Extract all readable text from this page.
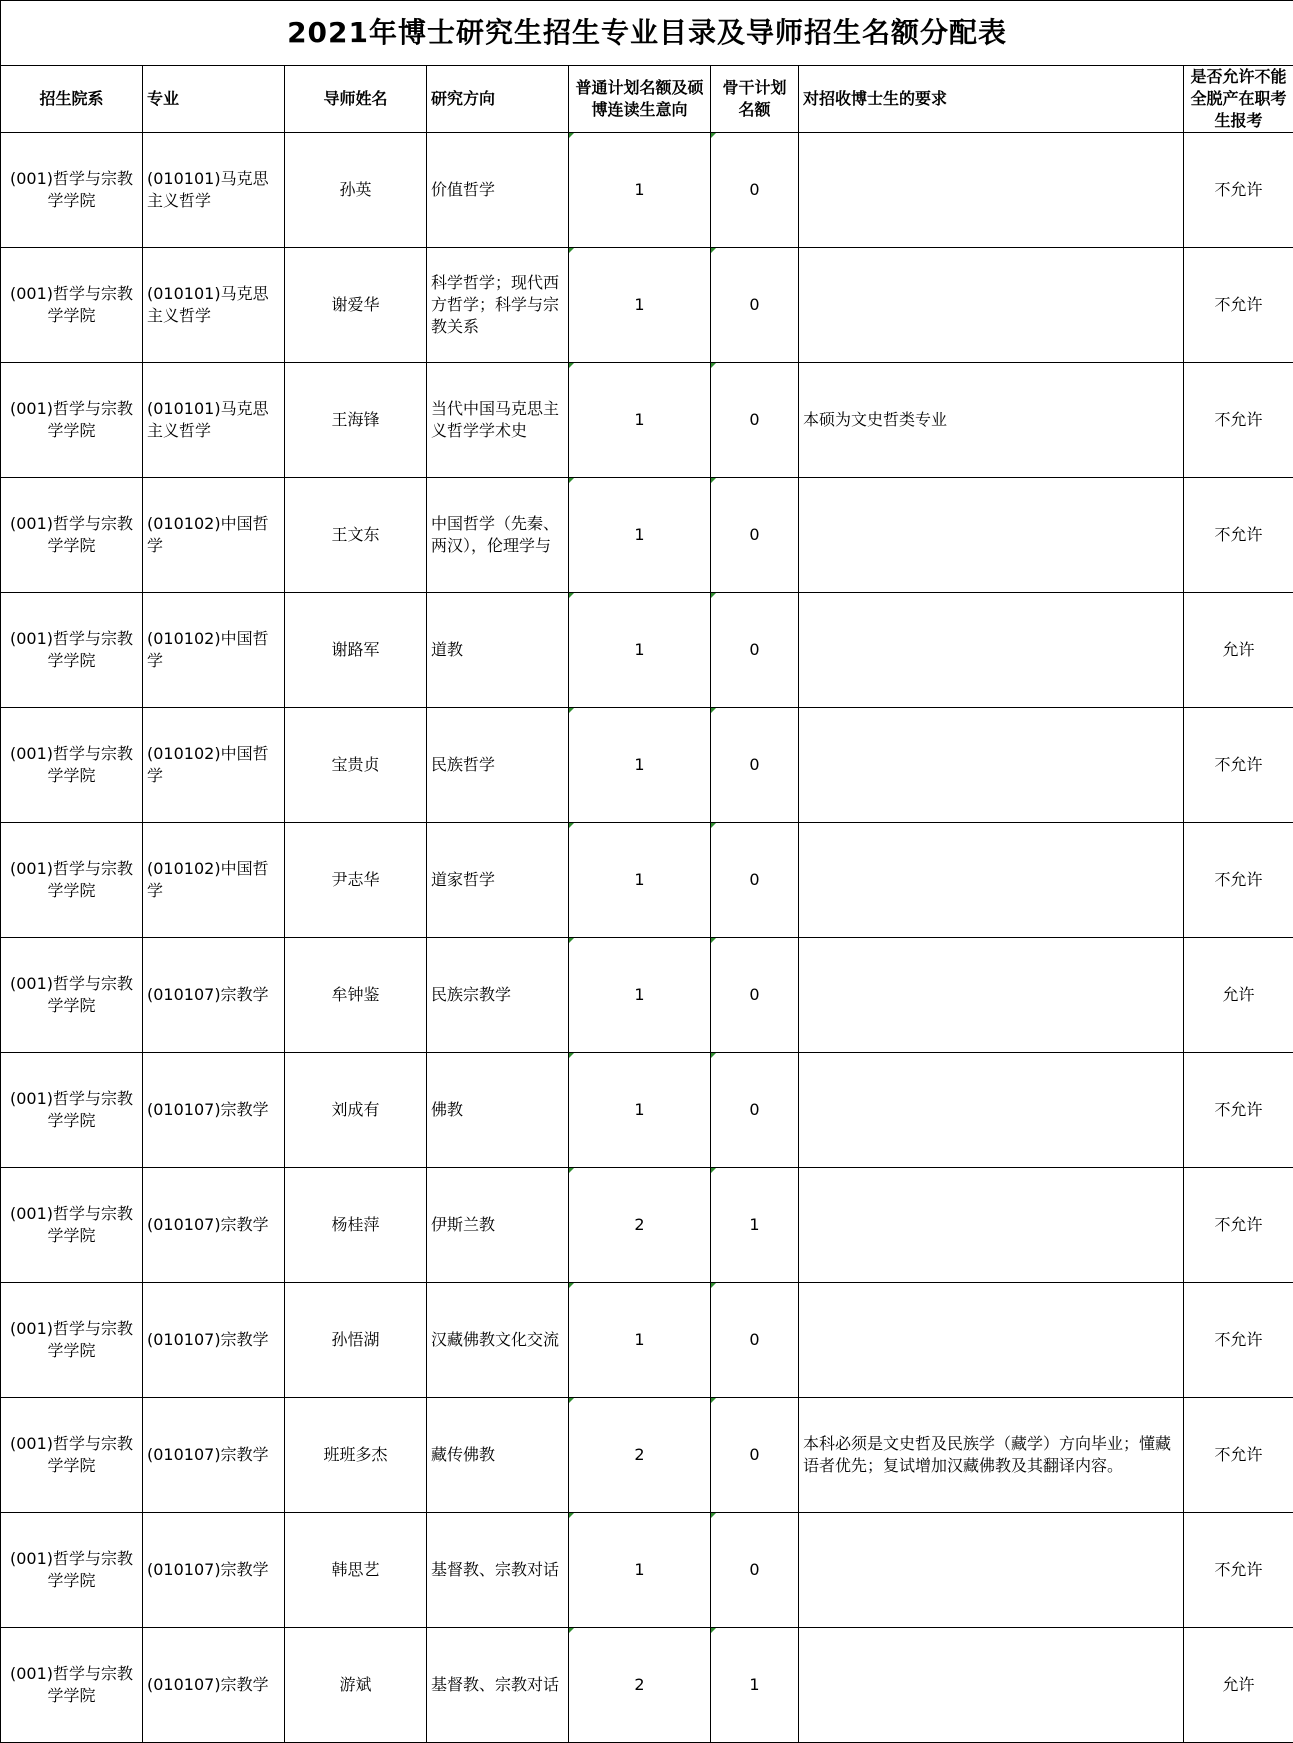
2021年博士研究生招生专业目录及导师招生名额分配表							
招生院系	专业	导师姓名	研究方向	普通计划名额及硕博连读生意向	骨干计划名额	对招收博士生的要求	是否允许不能全脱产在职考生报考
(001)哲学与宗教学学院	(010101)马克思主义哲学	孙英	价值哲学	1	0		不允许
(001)哲学与宗教学学院	(010101)马克思主义哲学	谢爱华	科学哲学；现代西方哲学；科学与宗教关系	1	0		不允许
(001)哲学与宗教学学院	(010101)马克思主义哲学	王海锋	当代中国马克思主义哲学学术史	1	0	本硕为文史哲类专业	不允许
(001)哲学与宗教学学院	(010102)中国哲学	王文东	中国哲学（先秦、两汉），伦理学与	1	0		不允许
(001)哲学与宗教学学院	(010102)中国哲学	谢路军	道教	1	0		允许
(001)哲学与宗教学学院	(010102)中国哲学	宝贵贞	民族哲学	1	0		不允许
(001)哲学与宗教学学院	(010102)中国哲学	尹志华	道家哲学	1	0		不允许
(001)哲学与宗教学学院	(010107)宗教学	牟钟鉴	民族宗教学	1	0		允许
(001)哲学与宗教学学院	(010107)宗教学	刘成有	佛教	1	0		不允许
(001)哲学与宗教学学院	(010107)宗教学	杨桂萍	伊斯兰教	2	1		不允许
(001)哲学与宗教学学院	(010107)宗教学	孙悟湖	汉藏佛教文化交流	1	0		不允许
(001)哲学与宗教学学院	(010107)宗教学	班班多杰	藏传佛教	2	0	本科必须是文史哲及民族学（藏学）方向毕业；懂藏语者优先；复试增加汉藏佛教及其翻译内容。	不允许
(001)哲学与宗教学学院	(010107)宗教学	韩思艺	基督教、宗教对话	1	0		不允许
(001)哲学与宗教学学院	(010107)宗教学	游斌	基督教、宗教对话	2	1		允许
